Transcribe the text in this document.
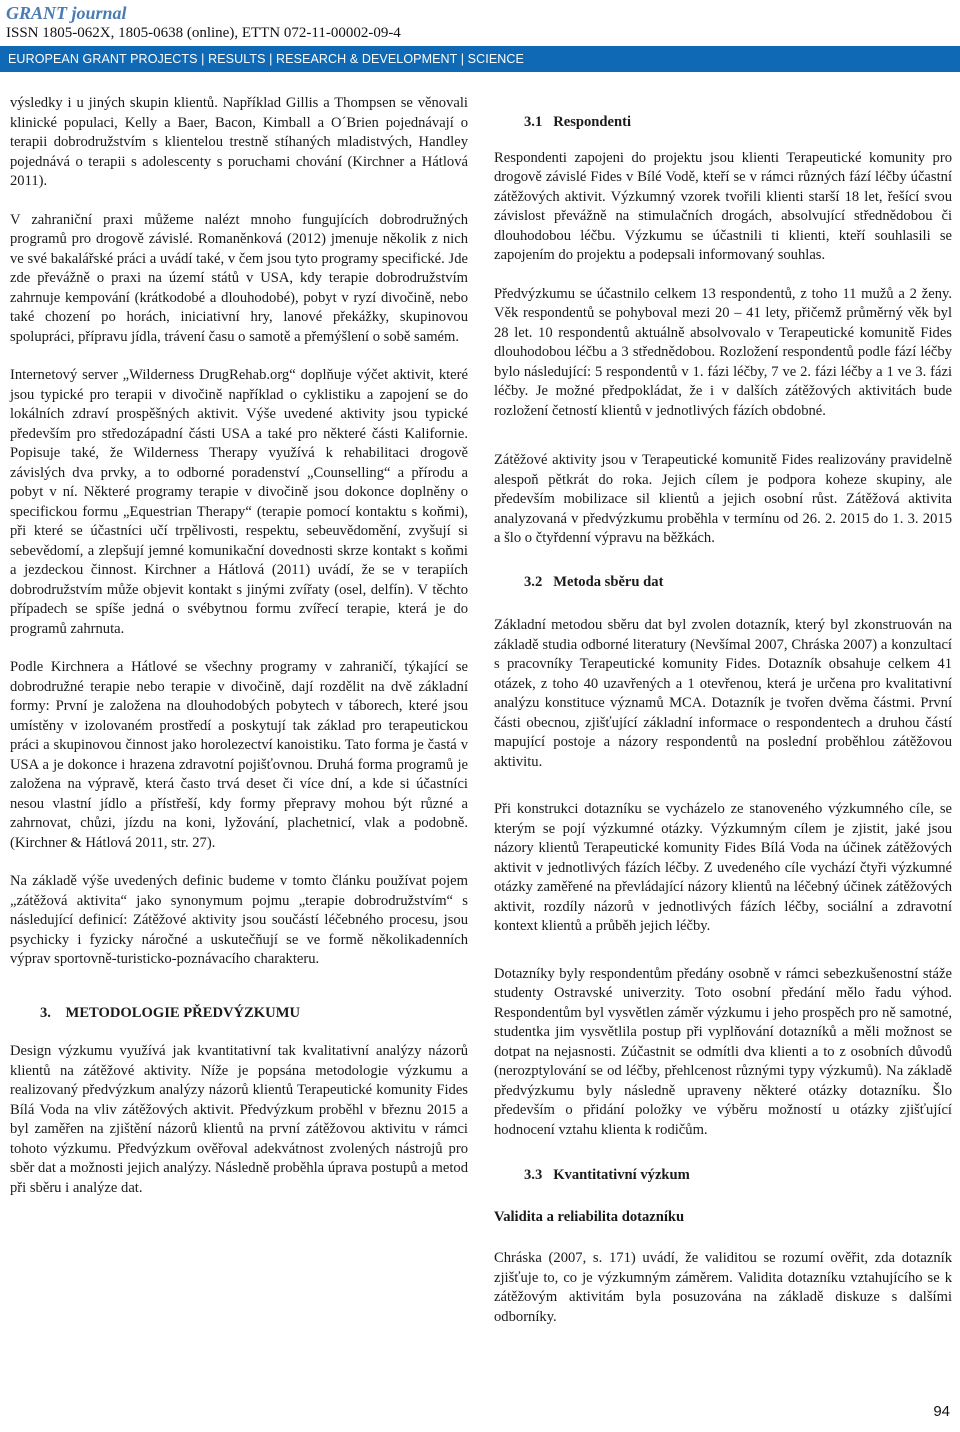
GRANT journal
ISSN 1805-062X, 1805-0638 (online), ETTN 072-11-00002-09-4
EUROPEAN GRANT PROJECTS | RESULTS | RESEARCH & DEVELOPMENT | SCIENCE

výsledky i u jiných skupin klientů. Například Gillis a Thompsen se věnovali klinické populaci, Kelly a Baer, Bacon, Kimball a O´Brien pojednávají o terapii dobrodružstvím s klientelou trestně stíhaných mladistvých, Handley pojednává o terapii s adolescenty s poruchami chování (Kirchner a Hátlová 2011).

V zahraniční praxi můžeme nalézt mnoho fungujících dobrodružných programů pro drogově závislé. Romaněnková (2012) jmenuje několik z nich ve své bakalářské práci a uvádí také, v čem jsou tyto programy specifické. Jde zde převážně o praxi na území států v USA, kdy terapie dobrodružstvím zahrnuje kempování (krátkodobé a dlouhodobé), pobyt v ryzí divočině, nebo také chození po horách, iniciativní hry, lanové překážky, skupinovou spolupráci, přípravu jídla, trávení času o samotě a přemýšlení o sobě samém.

Internetový server „Wilderness DrugRehab.org“ doplňuje výčet aktivit, které jsou typické pro terapii v divočině například o cyklistiku a zapojení se do lokálních zdraví prospěšných aktivit. Výše uvedené aktivity jsou typické především pro středozápadní části USA a také pro některé části Kalifornie. Popisuje také, že Wilderness Therapy využívá k rehabilitaci drogově závislých dva prvky, a to odborné poradenství „Counselling“ a přírodu a pobyt v ní. Některé programy terapie v divočině jsou dokonce doplněny o specifickou formu „Equestrian Therapy“ (terapie pomocí kontaktu s koňmi), při které se účastníci učí trpělivosti, respektu, sebeuvědomění, zvyšují si sebevědomí, a zlepšují jemné komunikační dovednosti skrze kontakt s koňmi a jezdeckou činnost. Kirchner a Hátlová (2011) uvádí, že se v terapiích dobrodružstvím může objevit kontakt s jinými zvířaty (osel, delfín). V těchto případech se spíše jedná o svébytnou formu zvířecí terapie, která je do programů zahrnuta.

Podle Kirchnera a Hátlové se všechny programy v zahraničí, týkající se dobrodružné terapie nebo terapie v divočině, dají rozdělit na dvě základní formy: První je založena na dlouhodobých pobytech v táborech, které jsou umístěny v izolovaném prostředí a poskytují tak základ pro terapeutickou práci a skupinovou činnost jako horolezectví kanoistiku. Tato forma je častá v USA a je dokonce i hrazena zdravotní pojišťovnou. Druhá forma programů je založena na výpravě, která často trvá deset či více dní, a kde si účastníci nesou vlastní jídlo a přístřeší, kdy formy přepravy mohou být různé a zahrnovat, chůzi, jízdu na koni, lyžování, plachetnicí, vlak a podobně. (Kirchner & Hátlová 2011, str. 27).

Na základě výše uvedených definic budeme v tomto článku používat pojem „zátěžová aktivita“ jako synonymum pojmu „terapie dobrodružstvím“ s následující definicí: Zátěžové aktivity jsou součástí léčebného procesu, jsou psychicky i fyzicky náročné a uskutečňují se ve formě několikadenních výprav sportovně-turisticko-poznávacího charakteru.

3.    METODOLOGIE PŘEDVÝZKUMU

Design výzkumu využívá jak kvantitativní tak kvalitativní analýzy názorů klientů na zátěžové aktivity. Níže je popsána metodologie výzkumu a realizovaný předvýzkum analýzy názorů klientů Terapeutické komunity Fides Bílá Voda na vliv zátěžových aktivit. Předvýzkum proběhl v březnu 2015 a byl zaměřen na zjištění názorů klientů na první zátěžovou aktivitu v rámci tohoto výzkumu. Předvýzkum ověřoval adekvátnost zvolených nástrojů pro sběr dat a možnosti jejich analýzy. Následně proběhla úprava postupů a metod při sběru i analýze dat.

3.1   Respondenti

Respondenti zapojeni do projektu jsou klienti Terapeutické komunity pro drogově závislé Fides v Bílé Vodě, kteří se v rámci různých fází léčby účastní zátěžových aktivit. Výzkumný vzorek tvořili klienti starší 18 let, řešící svou závislost převážně na stimulačních drogách, absolvující střednědobou či dlouhodobou léčbu. Výzkumu se účastnili ti klienti, kteří souhlasili se zapojením do projektu a podepsali informovaný souhlas.

Předvýzkumu se účastnilo celkem 13 respondentů, z toho 11 mužů a 2 ženy. Věk respondentů se pohyboval mezi 20 – 41 lety, přičemž průměrný věk byl 28 let. 10 respondentů aktuálně absolvovalo v Terapeutické komunitě Fides dlouhodobou léčbu a 3 střednědobou. Rozložení respondentů podle fází léčby bylo následující: 5 respondentů v 1. fázi léčby, 7 ve 2. fázi léčby a 1 ve 3. fázi léčby. Je možné předpokládat, že i v dalších zátěžových aktivitách bude rozložení četností klientů v jednotlivých fázích obdobné.

Zátěžové aktivity jsou v Terapeutické komunitě Fides realizovány pravidelně alespoň pětkrát do roka. Jejich cílem je podpora koheze skupiny, ale především mobilizace sil klientů a jejich osobní růst. Zátěžová aktivita analyzovaná v předvýzkumu proběhla v termínu od 26. 2. 2015 do 1. 3. 2015 a šlo o čtyřdenní výpravu na běžkách.

3.2   Metoda sběru dat

Základní metodou sběru dat byl zvolen dotazník, který byl zkonstruován na základě studia odborné literatury (Nevšímal 2007, Chráska 2007) a konzultací s pracovníky Terapeutické komunity Fides. Dotazník obsahuje celkem 41 otázek, z toho 40 uzavřených a 1 otevřenou, která je určena pro kvalitativní analýzu konstituce významů MCA. Dotazník je tvořen dvěma částmi. První části obecnou, zjišťující základní informace o respondentech a druhou částí mapující postoje a názory respondentů na poslední proběhlou zátěžovou aktivitu.

Při konstrukci dotazníku se vycházelo ze stanoveného výzkumného cíle, se kterým se pojí výzkumné otázky. Výzkumným cílem je zjistit, jaké jsou názory klientů Terapeutické komunity Fides Bílá Voda na účinek zátěžových aktivit v jednotlivých fázích léčby. Z uvedeného cíle vychází čtyři výzkumné otázky zaměřené na převládající názory klientů na léčebný účinek zátěžových aktivit, rozdíly názorů v jednotlivých fázích léčby, sociální a zdravotní kontext klientů a průběh jejich léčby.

Dotazníky byly respondentům předány osobně v rámci sebezkušenostní stáže studenty Ostravské univerzity. Toto osobní předání mělo řadu výhod. Respondentům byl vysvětlen záměr výzkumu i jeho prospěch pro ně samotné, studentka jim vysvětlila postup při vyplňování dotazníků a měli možnost se dotpat na nejasnosti. Zúčastnit se odmítli dva klienti a to z osobních důvodů (nerozptylování se od léčby, přehlcenost různými typy výzkumů). Na základě předvýzkumu byly následně upraveny některé otázky dotazníku. Šlo především o přidání položky ve výběru možností u otázky zjišťující hodnocení vztahu klienta k rodičům.

3.3   Kvantitativní výzkum
Validita a reliabilita dotazníku

Chráska (2007, s. 171) uvádí, že validitou se rozumí ověřit, zda dotazník zjišťuje to, co je výzkumným záměrem. Validita dotazníku vztahujícího se k zátěžovým aktivitám byla posuzována na základě diskuze s dalšími odborníky.

94
